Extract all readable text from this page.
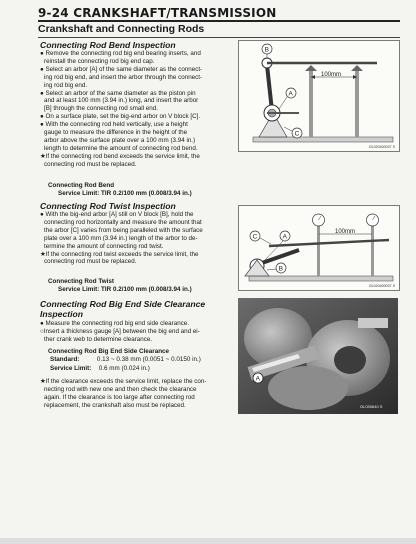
9-24 CRANKSHAFT/TRANSMISSION
Crankshaft and Connecting Rods
Connecting Rod Bend Inspection

● Remove the connecting rod big end bearing inserts, and

reinstall the connecting rod big end cap.

● Select an arbor [A] of the same diameter as the connect-

ing rod big end, and insert the arbor through the connect-

ing rod big end.

● Select an arbor of the same diameter as the piston pin

and at least 100 mm (3.94 in.) long, and insert the arbor

[B] through the connecting rod small end.

● On a surface plate, set the big-end arbor on V block [C].

● With the connecting rod held vertically, use a height

gauge to measure the difference in the height of the

arbor above the surface plate over a 100 mm (3.94 in.)

length to determine the amount of connecting rod bend.

★If the connecting rod bend exceeds the service limit, the

connecting rod must be replaced.

Connecting Rod Bend
Service Limit: TIR 0.2/100 mm (0.008/3.94 in.)
100mm
B
A
C
GL020400037 S
Connecting Rod Twist Inspection

● With the big-end arbor [A] still on V block [B], hold the

connecting rod horizontally and measure the amount that

the arbor [C] varies from being paralleled with the surface

plate over a 100 mm (3.94 in.) length of the arbor to de-

termine the amount of connecting rod twist.

★If the connecting rod twist exceeds the service limit, the

connecting rod must be replaced.

Connecting Rod Twist
Service Limit: TIR 0.2/100 mm (0.008/3.94 in.)
100mm
C	A
B
GL020400037 S
Connecting Rod Big End Side Clearance
Inspection

● Measure the connecting rod big end side clearance.

○Insert a thickness gauge [A] between the big end and ei-

ther crank web to determine clearance.

Connecting Rod Big End Side Clearance
Standard:	0.13 ~ 0.38 mm (0.0051 ~ 0.0150 in.)
Service Limit: 0.6 mm (0.024 in.)

★If the clearance exceeds the service limit, replace the con-

necting rod with new one and then check the clearance

again. If the clearance is too large after connecting rod

replacement, the crankshaft also must be replaced.

A
GL030640 S
